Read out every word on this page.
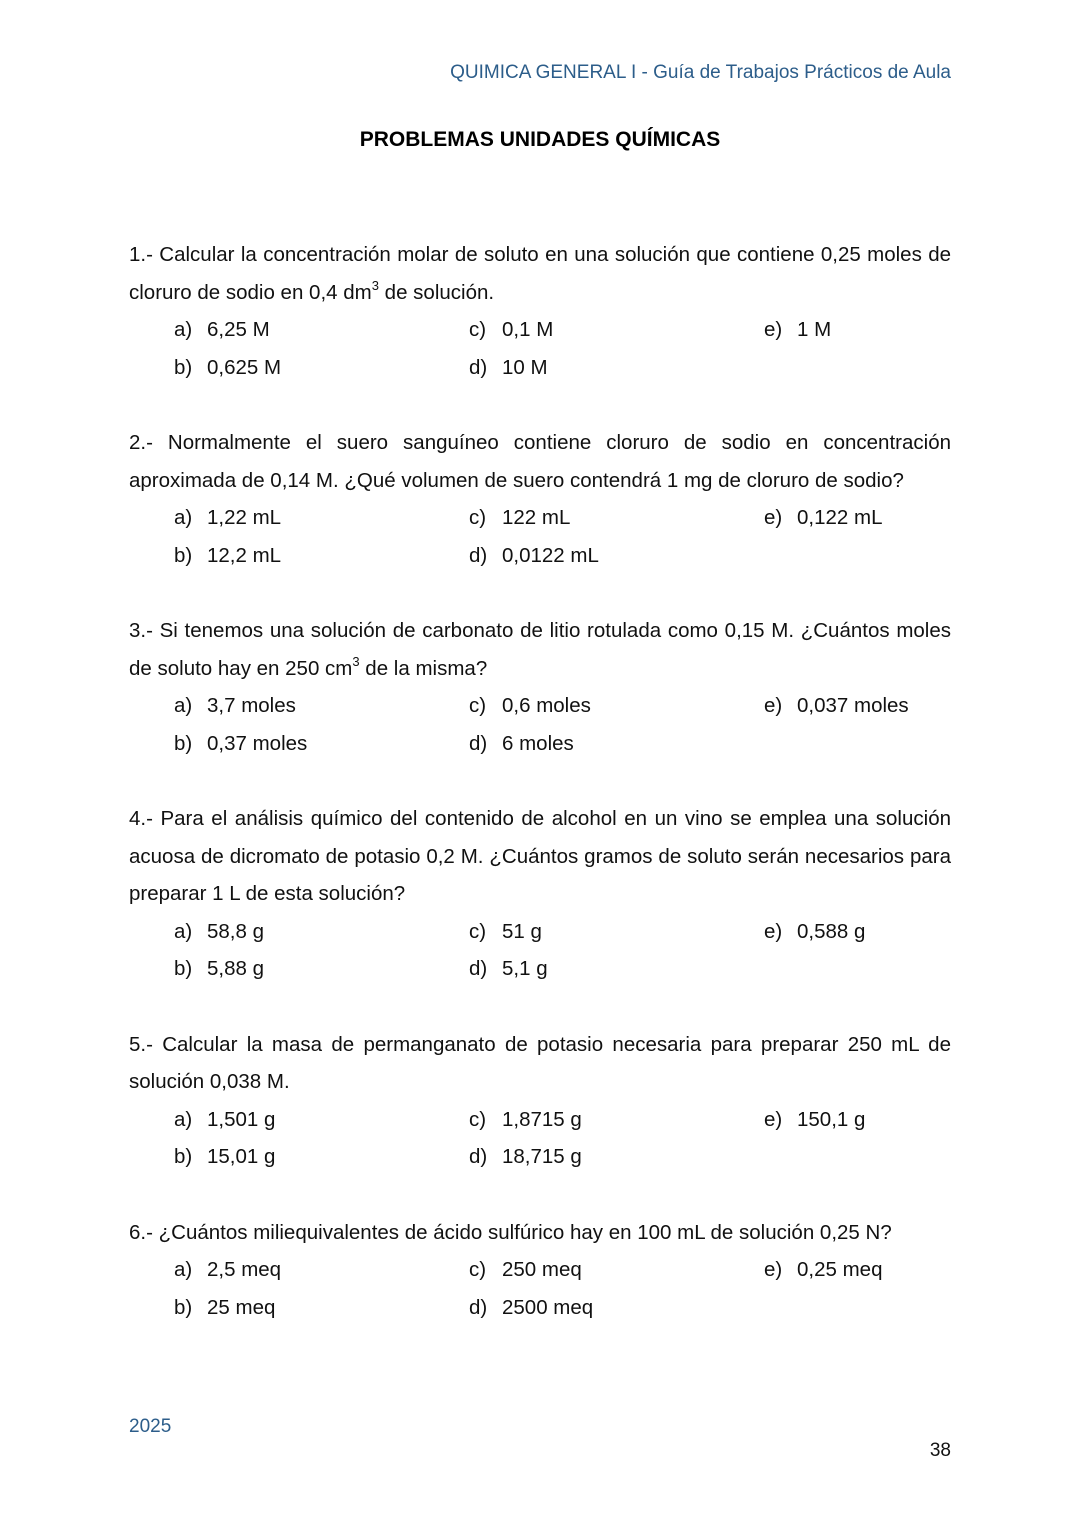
QUIMICA GENERAL I - Guía de Trabajos Prácticos de Aula
PROBLEMAS UNIDADES QUÍMICAS

1.- Calcular la concentración molar de soluto en una solución que contiene 0,25 moles de cloruro de sodio en 0,4 $dm^3$ de solución.

a) 6,25 M
b) 0,625 M
c) 0,1 M
d) 10 M
e) 1 M

2.- Normalmente el suero sanguíneo contiene cloruro de sodio en concentración aproximada de 0,14 M. ¿Qué volumen de suero contendrá 1 mg de cloruro de sodio?

a) 1,22 mL
b) 12,2 mL
c) 122 mL
d) 0,0122 mL
e) 0,122 mL

3.- Si tenemos una solución de carbonato de litio rotulada como 0,15 M. ¿Cuántos moles de soluto hay en 250 $cm^3$ de la misma?

a) 3,7 moles
b) 0,37 moles
c) 0,6 moles
d) 6 moles
e) 0,037 moles

4.- Para el análisis químico del contenido de alcohol en un vino se emplea una solución acuosa de dicromato de potasio 0,2 M. ¿Cuántos gramos de soluto serán necesarios para preparar 1 L de esta solución?

a) 58,8 g
b) 5,88 g
c) 51 g
d) 5,1 g
e) 0,588 g

5.- Calcular la masa de permanganato de potasio necesaria para preparar 250 mL de solución 0,038 M.

a) 1,501 g
b) 15,01 g
c) 1,8715 g
d) 18,715 g
e) 150,1 g

6.- ¿Cuántos miliequivalentes de ácido sulfúrico hay en 100 mL de solución 0,25 N?

a) 2,5 meq
b) 25 meq
c) 250 meq
d) 2500 meq
e) 0,25 meq
2025
38
